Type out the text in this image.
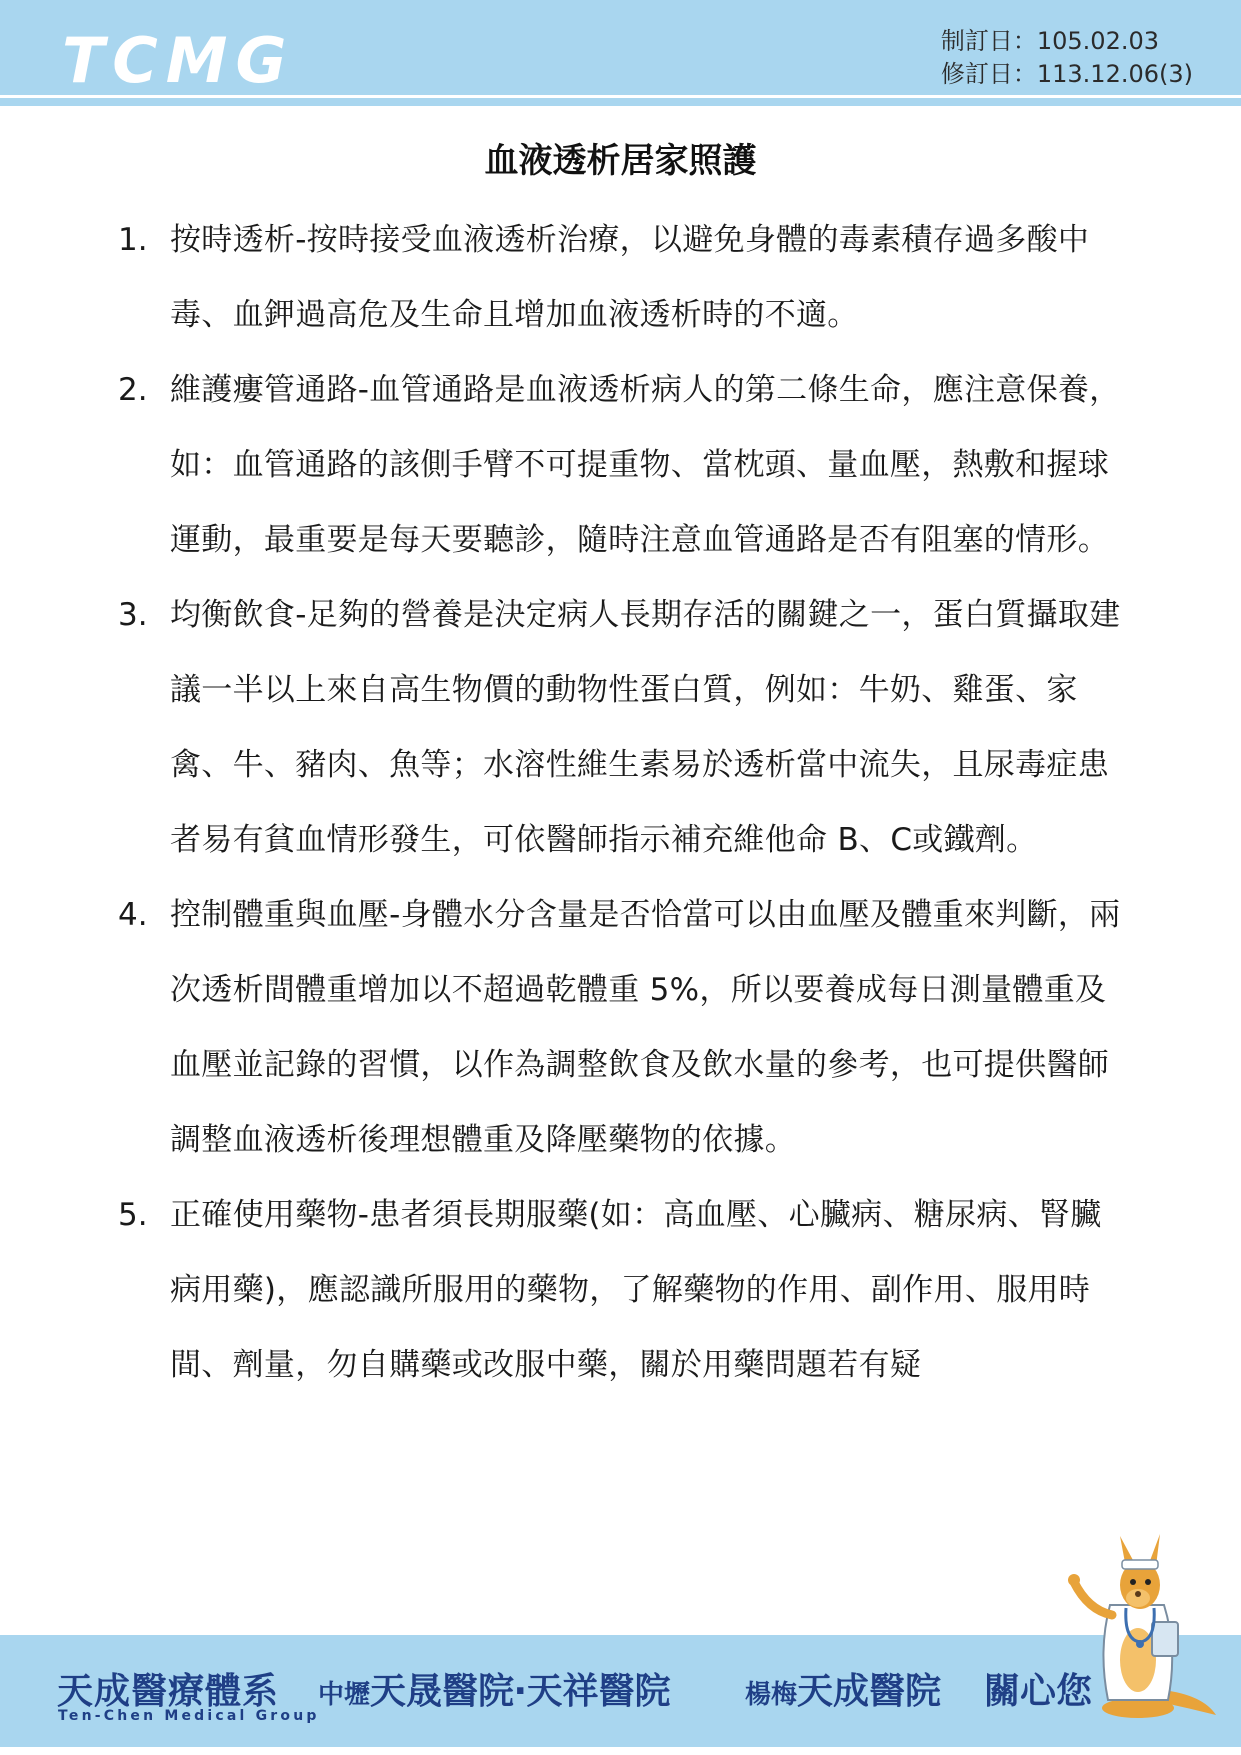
TCMG	制訂日：105.02.03
修訂日：113.12.06(3)
血液透析居家照護
1. 按時透析-按時接受血液透析治療，以避免身體的毒素積存過多酸中毒、血鉀過高危及生命且增加血液透析時的不適。
2. 維護瘻管通路-血管通路是血液透析病人的第二條生命，應注意保養，如：血管通路的該側手臂不可提重物、當枕頭、量血壓，熱敷和握球運動，最重要是每天要聽診，隨時注意血管通路是否有阻塞的情形。
3. 均衡飲食-足夠的營養是決定病人長期存活的關鍵之一，蛋白質攝取建議一半以上來自高生物價的動物性蛋白質，例如：牛奶、雞蛋、家禽、牛、豬肉、魚等；水溶性維生素易於透析當中流失，且尿毒症患者易有貧血情形發生，可依醫師指示補充維他命 B、C或鐵劑。
4. 控制體重與血壓-身體水分含量是否恰當可以由血壓及體重來判斷，兩次透析間體重增加以不超過乾體重 5%，所以要養成每日測量體重及血壓並記錄的習慣，以作為調整飲食及飲水量的參考，也可提供醫師調整血液透析後理想體重及降壓藥物的依據。
5. 正確使用藥物-患者須長期服藥(如：高血壓、心臟病、糖尿病、腎臟病用藥)，應認識所服用的藥物，了解藥物的作用、副作用、服用時間、劑量，勿自購藥或改服中藥，關於用藥問題若有疑
天成醫療體系
Ten-Chen Medical Group
中壢天晟醫院‧天祥醫院	楊梅天成醫院 關心您
